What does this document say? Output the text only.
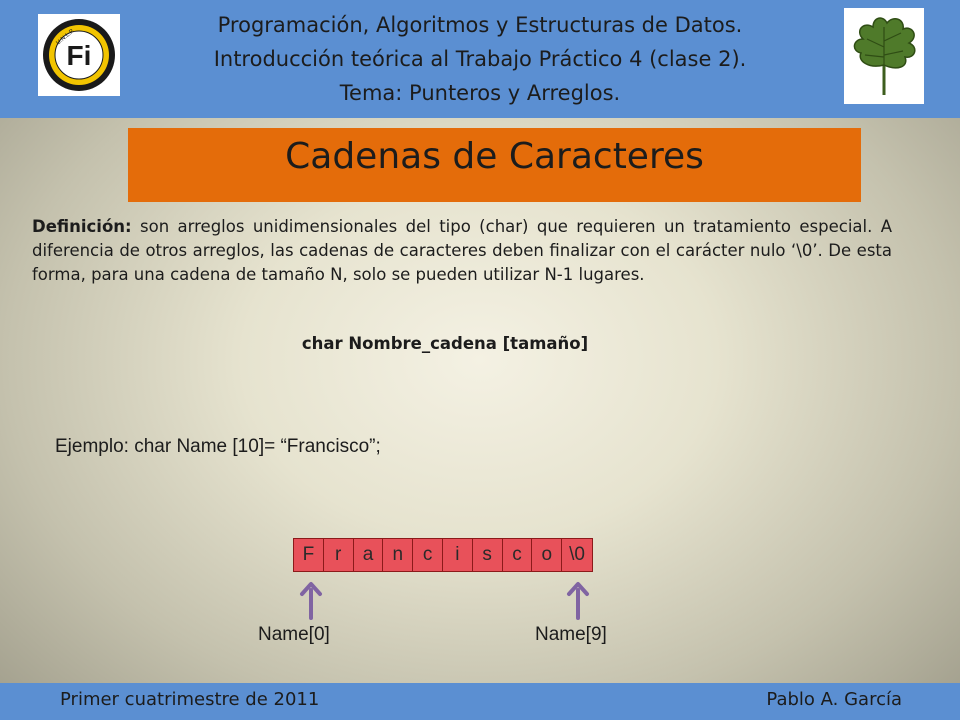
Fi
U.N.L.P.
Programación, Algoritmos y Estructuras de Datos.
Introducción teórica al Trabajo Práctico 4 (clase 2).
Tema: Punteros y Arreglos.
Cadenas de Caracteres
Definición: son arreglos unidimensionales del tipo (char) que requieren un tratamiento especial. A diferencia de otros arreglos, las cadenas de caracteres deben finalizar con el carácter nulo ‘\0’. De esta forma, para una cadena de tamaño N, solo se pueden utilizar N-1 lugares.
char Nombre_cadena [tamaño]
Ejemplo: char Name [10]= “Francisco”;
F	r	a	n	c	i	s	c	o \0
Name[0]	Name[9]
Primer cuatrimestre de 2011	Pablo A. García
